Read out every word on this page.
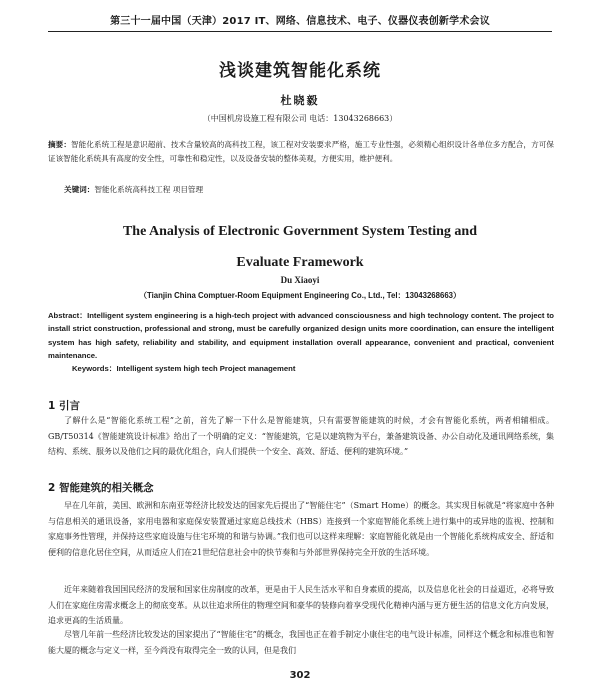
第三十一届中国（天津）2017 IT、网络、信息技术、电子、仪器仪表创新学术会议
浅谈建筑智能化系统
杜晓毅
（中国机房设施工程有限公司 电话：13043268663）
摘要：智能化系统工程是意识超前、技术含量较高的高科技工程，该工程对安装要求严格，施工专业性强，必须精心组织设计各单位多方配合，方可保证该智能化系统具有高度的安全性，可靠性和稳定性，以及设备安装的整体美观，方便实用，维护便利。
关键词：智能化系统高科技工程 项目管理
The Analysis of Electronic Government System Testing and
Evaluate Framework
Du Xiaoyi
（Tianjin China Comptuer-Room Equipment Engineering Co., Ltd., Tel：13043268663）
Abstract：Intelligent system engineering is a high-tech project with advanced consciousness and high technology content. The project to install strict construction, professional and strong, must be carefully organized design units more coordination, can ensure the intelligent system has high safety, reliability and stability, and equipment installation overall appearance, convenient and practical, convenient maintenance.
Keywords：Intelligent system high tech Project management
1 引言
了解什么是“智能化系统工程”之前，首先了解一下什么是智能建筑，只有需要智能建筑的时候，才会有智能化系统，两者相辅相成。GB/T50314《智能建筑设计标准》给出了一个明确的定义：“智能建筑，它是以建筑物为平台，兼备建筑设备、办公自动化及通讯网络系统，集结构、系统、服务以及他们之间的最优化组合，向人们提供一个安全、高效、舒适、便利的建筑环境。”
2 智能建筑的相关概念
早在几年前，美国、欧洲和东南亚等经济比较发达的国家先后提出了“智能住宅”（Smart Home）的概念。其实现目标就是“将家庭中各种与信息相关的通讯设备，家用电器和家庭保安装置通过家庭总线技术（HBS）连接到一个家庭智能化系统上进行集中的或异地的监视、控制和家庭事务性管理，并保持这些家庭设施与住宅环境的和谐与协调。”我们也可以这样来理解：家庭智能化就是由一个智能化系统构成安全、舒适和便利的信息化居住空间，从而适应人们在21世纪信息社会中的快节奏和与外部世界保持完全开放的生活环境。
近年来随着我国国民经济的发展和国家住房制度的改革，更是由于人民生活水平和自身素质的提高，以及信息化社会的日益逼近，必将导致人们在家庭住房需求概念上的彻底变革。从以往追求所住的物理空间和豪华的装修向着享受现代化精神内涵与更方便生活的信息文化方向发展，追求更高的生活质量。
尽管几年前一些经济比较发达的国家提出了“智能住宅”的概念，我国也正在着手制定小康住宅的电气设计标准，同样这个概念和标准也和智能大厦的概念与定义一样，至今尚没有取得完全一致的认同，但是我们
302
